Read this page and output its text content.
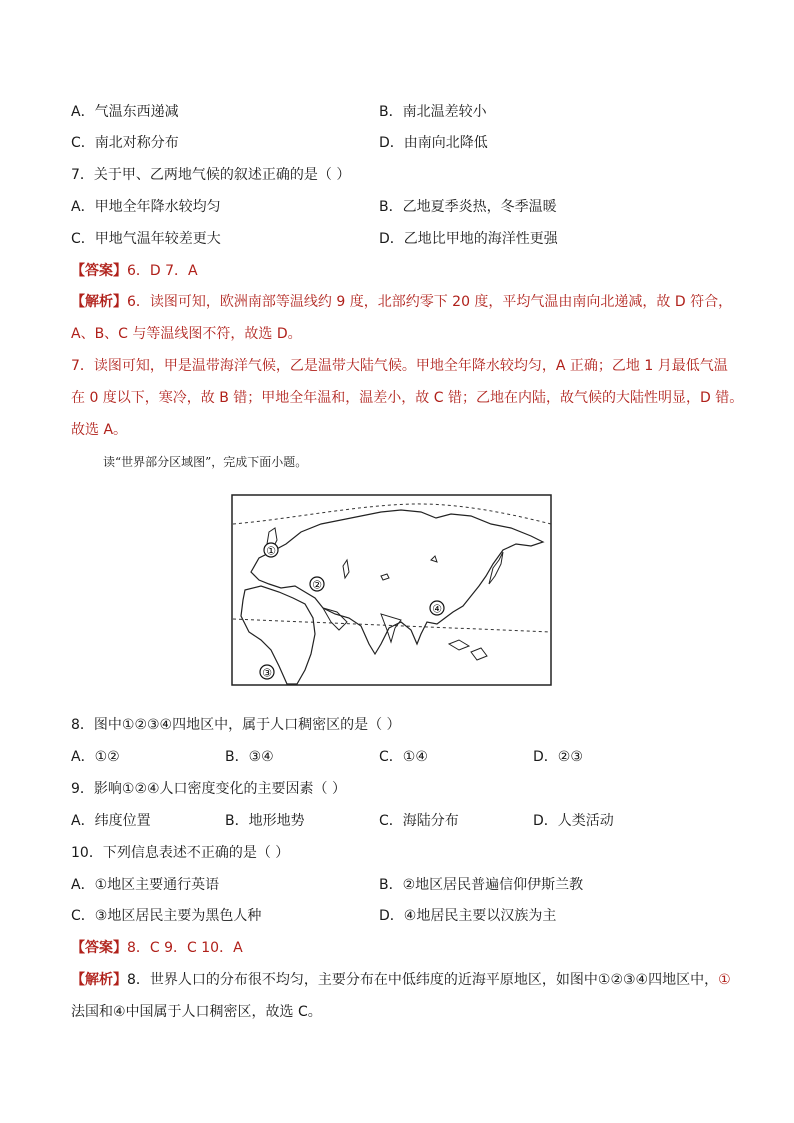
A．气温东西递减	B．南北温差较小
C．南北对称分布	D．由南向北降低
7．关于甲、乙两地气候的叙述正确的是（ ）
A．甲地全年降水较均匀	B．乙地夏季炎热，冬季温暖
C．甲地气温年较差更大	D．乙地比甲地的海洋性更强
【答案】6．D 7．A
【解析】6．读图可知，欧洲南部等温线约 9 度，北部约零下 20 度，平均气温由南向北递减，故 D 符合，
A、B、C 与等温线图不符，故选 D。
7．读图可知，甲是温带海洋气候，乙是温带大陆气候。甲地全年降水较均匀，A 正确；乙地 1 月最低气温
在 0 度以下，寒冷，故 B 错；甲地全年温和，温差小，故 C 错；乙地在内陆，故气候的大陆性明显，D 错。
故选 A。
读“世界部分区域图”，完成下面小题。
①
②
③
④
8．图中①②③④四地区中，属于人口稠密区的是（ ）
A．①②	B．③④	C．①④	D．②③
9．影响①②④人口密度变化的主要因素（ ）
A．纬度位置	B．地形地势	C．海陆分布	D．人类活动
10．下列信息表述不正确的是（ ）
A．①地区主要通行英语	B．②地区居民普遍信仰伊斯兰教
C．③地区居民主要为黑色人种	D．④地居民主要以汉族为主
【答案】8．C 9．C 10．A
【解析】8．世界人口的分布很不均匀，主要分布在中低纬度的近海平原地区，如图中①②③④四地区中，①
法国和④中国属于人口稠密区，故选 C。
